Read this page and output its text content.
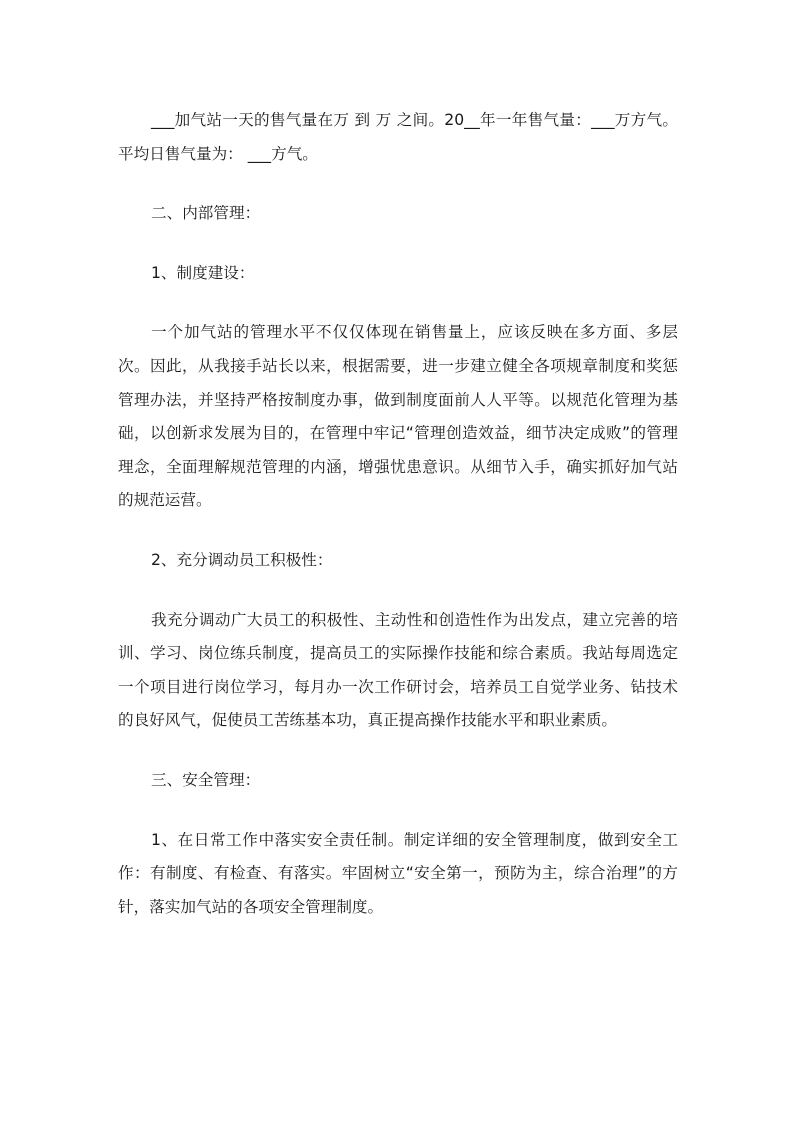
___加气站一天的售气量在万 到 万 之间。20__年一年售气量：___万方气。平均日售气量为： ___方气。

二、内部管理：

1、制度建设：

一个加气站的管理水平不仅仅体现在销售量上，应该反映在多方面、多层次。因此，从我接手站长以来，根据需要，进一步建立健全各项规章制度和奖惩管理办法，并坚持严格按制度办事，做到制度面前人人平等。以规范化管理为基础，以创新求发展为目的，在管理中牢记“管理创造效益，细节决定成败”的管理理念，全面理解规范管理的内涵，增强忧患意识。从细节入手，确实抓好加气站的规范运营。

2、充分调动员工积极性：

我充分调动广大员工的积极性、主动性和创造性作为出发点，建立完善的培训、学习、岗位练兵制度，提高员工的实际操作技能和综合素质。我站每周选定一个项目进行岗位学习，每月办一次工作研讨会，培养员工自觉学业务、钻技术的良好风气，促使员工苦练基本功，真正提高操作技能水平和职业素质。

三、安全管理：

1、在日常工作中落实安全责任制。制定详细的安全管理制度，做到安全工作：有制度、有检查、有落实。牢固树立“安全第一，预防为主，综合治理”的方针，落实加气站的各项安全管理制度。
